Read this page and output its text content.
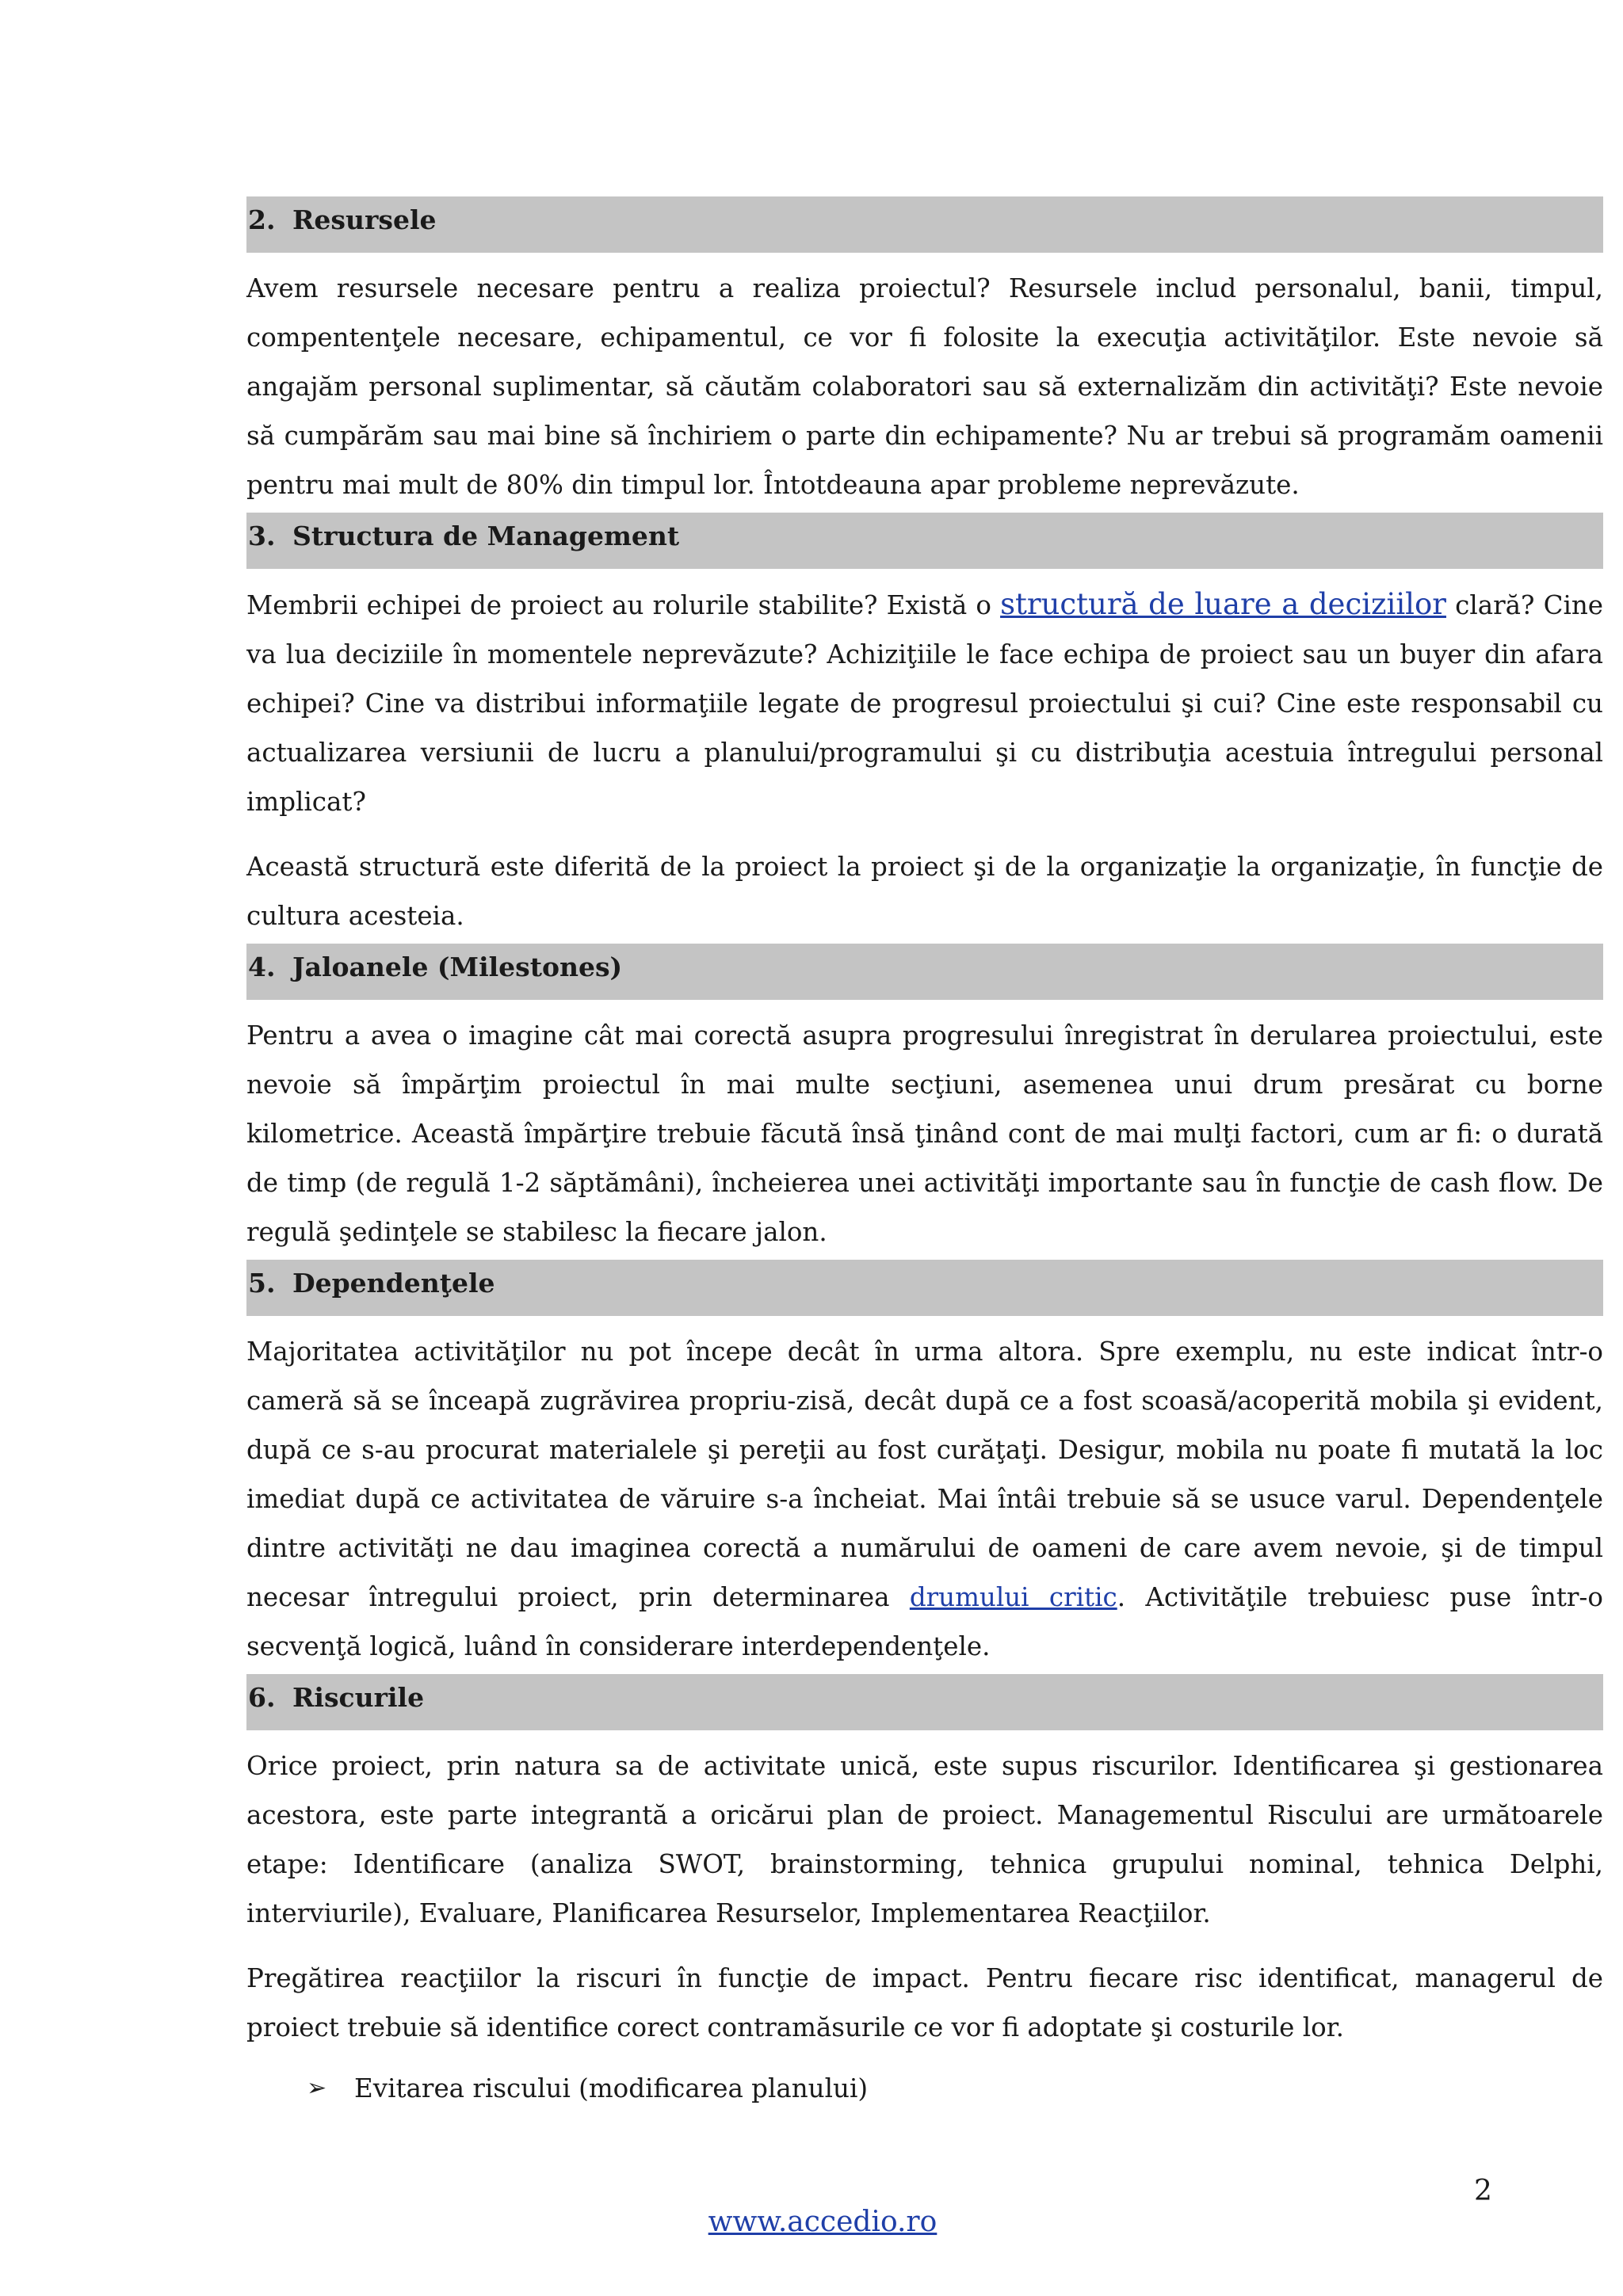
2. Resursele

Avem resursele necesare pentru a realiza proiectul? Resursele includ personalul, banii, timpul, compentenţele necesare, echipamentul, ce vor fi folosite la execuţia activităţilor. Este nevoie să angajăm personal suplimentar, să căutăm colaboratori sau să externalizăm din activităţi? Este nevoie să cumpărăm sau mai bine să închiriem o parte din echipamente? Nu ar trebui să programăm oamenii pentru mai mult de 80% din timpul lor. Întotdeauna apar probleme neprevăzute.

3. Structura de Management

Membrii echipei de proiect au rolurile stabilite? Există o structură de luare a deciziilor clară? Cine va lua deciziile în momentele neprevăzute? Achiziţiile le face echipa de proiect sau un buyer din afara echipei? Cine va distribui informaţiile legate de progresul proiectului şi cui? Cine este responsabil cu actualizarea versiunii de lucru a planului/programului şi cu distribuţia acestuia întregului personal implicat?

Această structură este diferită de la proiect la proiect şi de la organizaţie la organizaţie, în funcţie de cultura acesteia.

4. Jaloanele (Milestones)

Pentru a avea o imagine cât mai corectă asupra progresului înregistrat în derularea proiectului, este nevoie să împărţim proiectul în mai multe secţiuni, asemenea unui drum presărat cu borne kilometrice. Această împărţire trebuie făcută însă ţinând cont de mai mulţi factori, cum ar fi: o durată de timp (de regulă 1-2 săptămâni), încheierea unei activităţi importante sau în funcţie de cash flow. De regulă şedinţele se stabilesc la fiecare jalon.

5. Dependenţele

Majoritatea activităţilor nu pot începe decât în urma altora. Spre exemplu, nu este indicat într-o cameră să se înceapă zugrăvirea propriu-zisă, decât după ce a fost scoasă/acoperită mobila şi evident, după ce s-au procurat materialele şi pereţii au fost curăţaţi. Desigur, mobila nu poate fi mutată la loc imediat după ce activitatea de văruire s-a încheiat. Mai întâi trebuie să se usuce varul. Dependenţele dintre activităţi ne dau imaginea corectă a numărului de oameni de care avem nevoie, şi de timpul necesar întregului proiect, prin determinarea drumului critic. Activităţile trebuiesc puse într-o secvenţă logică, luând în considerare interdependenţele.

6. Riscurile

Orice proiect, prin natura sa de activitate unică, este supus riscurilor. Identificarea şi gestionarea acestora, este parte integrantă a oricărui plan de proiect. Managementul Riscului are următoarele etape: Identificare (analiza SWOT, brainstorming, tehnica grupului nominal, tehnica Delphi, interviurile), Evaluare, Planificarea Resurselor, Implementarea Reacţiilor.

Pregătirea reacţiilor la riscuri în funcţie de impact. Pentru fiecare risc identificat, managerul de proiect trebuie să identifice corect contramăsurile ce vor fi adoptate şi costurile lor.

➢	Evitarea riscului (modificarea planului)
2
www.accedio.ro
